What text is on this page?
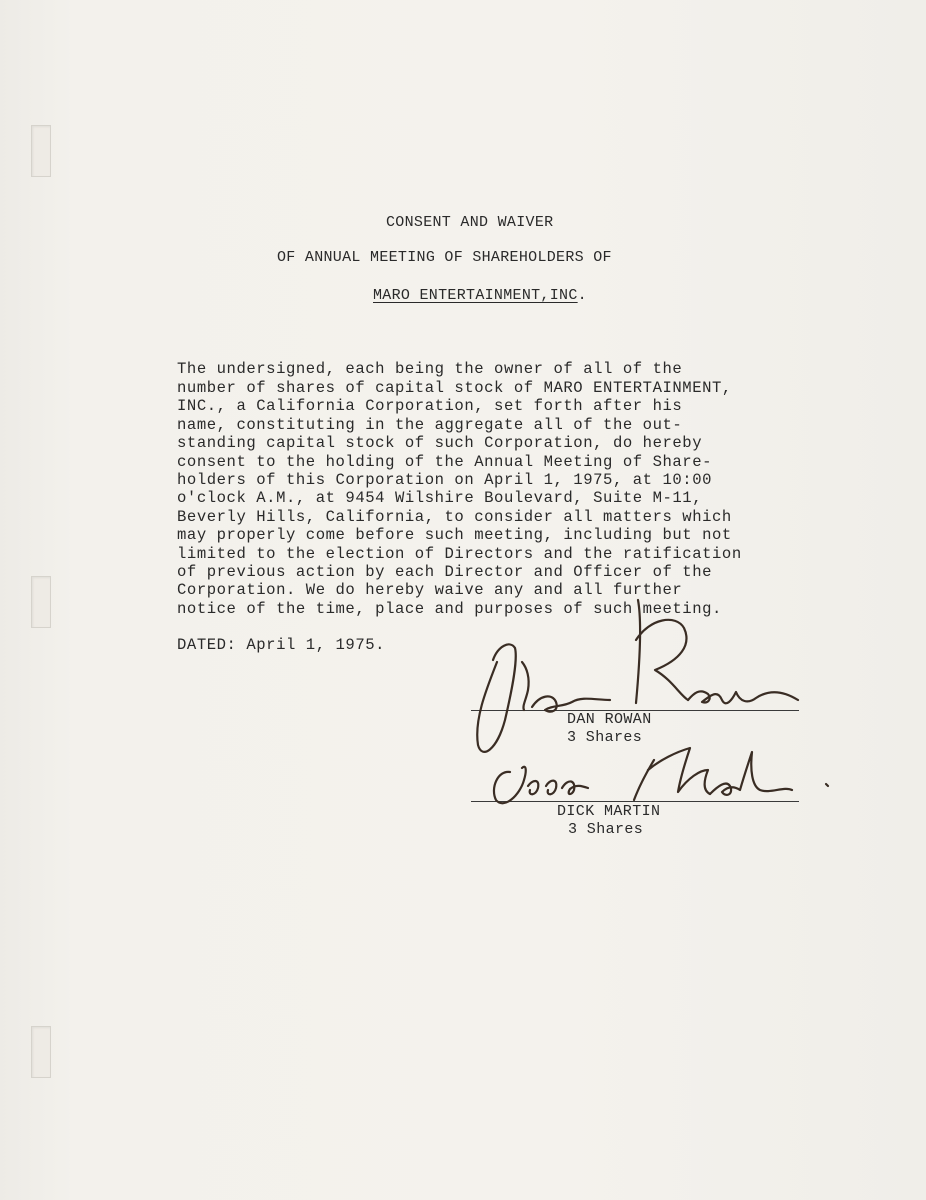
CONSENT AND WAIVER
OF ANNUAL MEETING OF SHAREHOLDERS OF
MARO ENTERTAINMENT,INC.
The undersigned, each being the owner of all of the
number of shares of capital stock of MARO ENTERTAINMENT,
INC., a California Corporation, set forth after his
name, constituting in the aggregate all of the out-
standing capital stock of such Corporation, do hereby
consent to the holding of the Annual Meeting of Share-
holders of this Corporation on April 1, 1975, at 10:00
o'clock A.M., at 9454 Wilshire Boulevard, Suite M-11,
Beverly Hills, California, to consider all matters which
may properly come before such meeting, including but not
limited to the election of Directors and the ratification
of previous action by each Director and Officer of the
Corporation. We do hereby waive any and all further
notice of the time, place and purposes of such meeting.
DATED: April 1, 1975.
DAN ROWAN
3 Shares
DICK MARTIN
3 Shares
